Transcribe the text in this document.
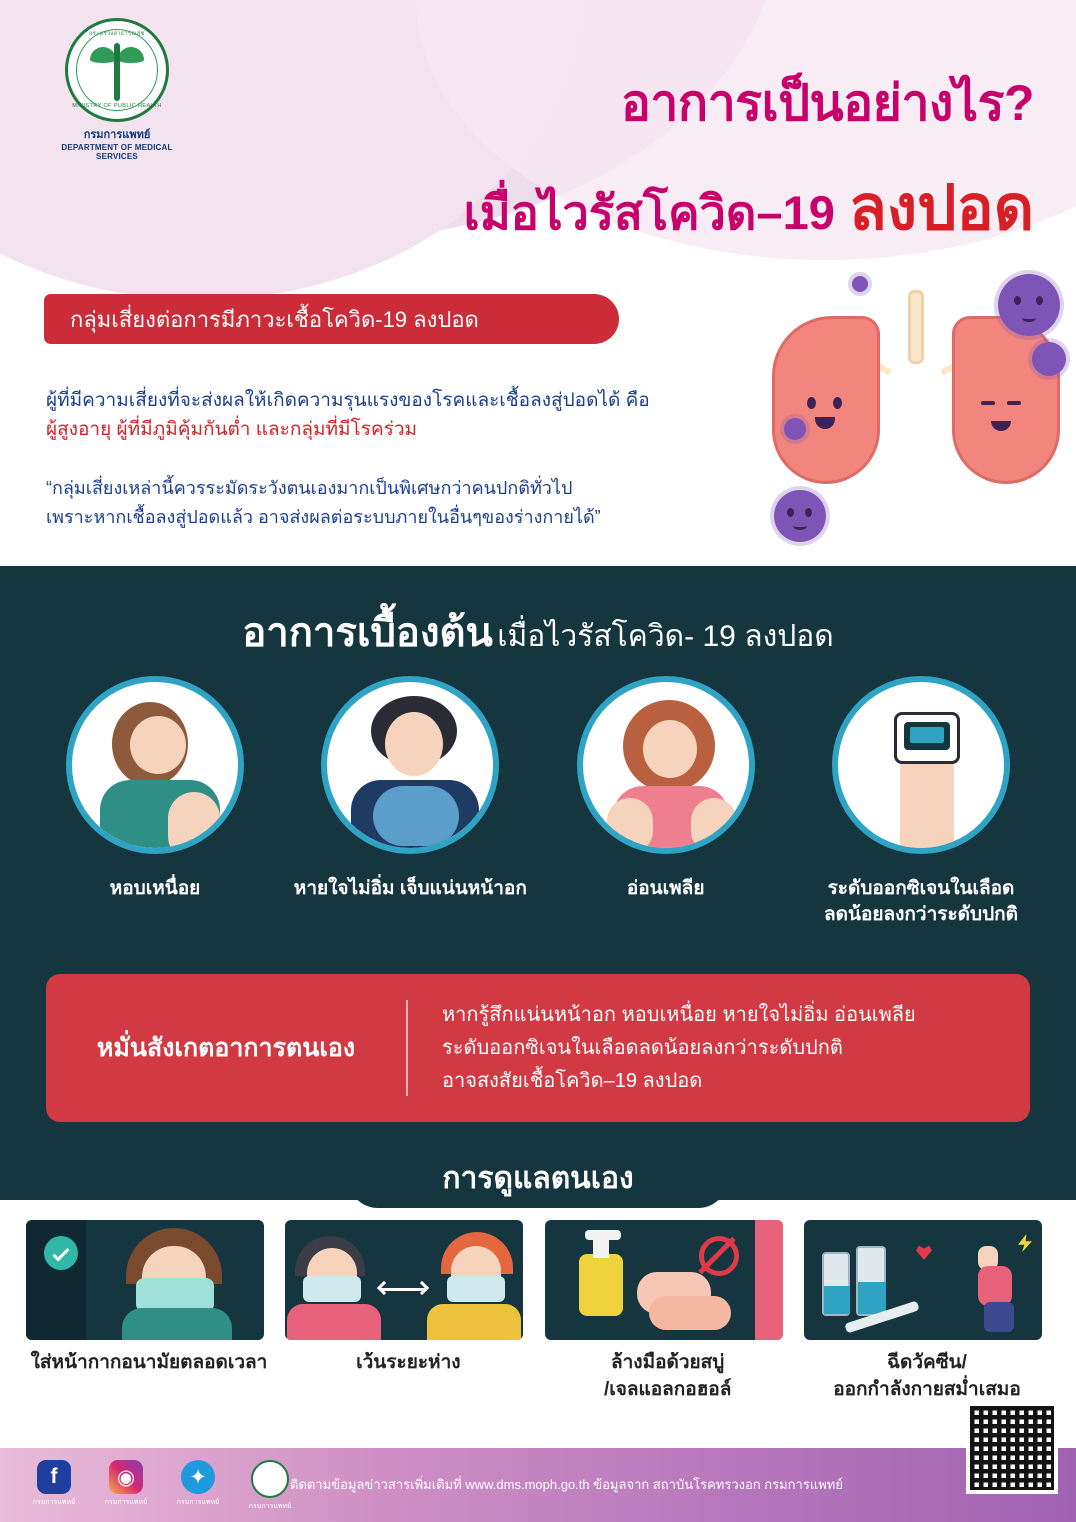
กระทรวงสาธารณสุข
MINISTRY OF PUBLIC HEALTH
กรมการแพทย์
DEPARTMENT OF MEDICAL SERVICES
อาการเป็นอย่างไร?
เมื่อไวรัสโควิด–19 ลงปอด
กลุ่มเสี่ยงต่อการมีภาวะเชื้อโควิด-19 ลงปอด
ผู้ที่มีความเสี่ยงที่จะส่งผลให้เกิดความรุนแรงของโรคและเชื้อลงสู่ปอดได้ คือ
ผู้สูงอายุ ผู้ที่มีภูมิคุ้มกันต่ำ และกลุ่มที่มีโรคร่วม
“กลุ่มเสี่ยงเหล่านี้ควรระมัดระวังตนเองมากเป็นพิเศษกว่าคนปกติทั่วไป
เพราะหากเชื้อลงสู่ปอดแล้ว อาจส่งผลต่อระบบภายในอื่นๆของร่างกายได้”
อาการเบื้องต้น เมื่อไวรัสโควิด- 19 ลงปอด
หอบเหนื่อย	หายใจไม่อิ่ม เจ็บแน่นหน้าอก	อ่อนเพลีย	ระดับออกซิเจนในเลือด
ลดน้อยลงกว่าระดับปกติ
หมั่นสังเกตอาการตนเอง
หากรู้สึกแน่นหน้าอก หอบเหนื่อย หายใจไม่อิ่ม อ่อนเพลีย
ระดับออกซิเจนในเลือดลดน้อยลงกว่าระดับปกติ
อาจสงสัยเชื้อโควิด–19 ลงปอด
การดูแลตนเอง
ใส่หน้ากากอนามัยตลอดเวลา	เว้นระยะห่าง	ล้างมือด้วยสบู่
/เจลแอลกอฮอล์
ฉีดวัคซีน/
ออกกำลังกายสม่ำเสมอ
f
กรมการแพทย์
◉
กรมการแพทย์
✦
กรมการแพทย์
กรมการแพทย์
ติดตามข้อมูลข่าวสารเพิ่มเติมที่ www.dms.moph.go.th ข้อมูลจาก สถาบันโรคทรวงอก กรมการแพทย์
